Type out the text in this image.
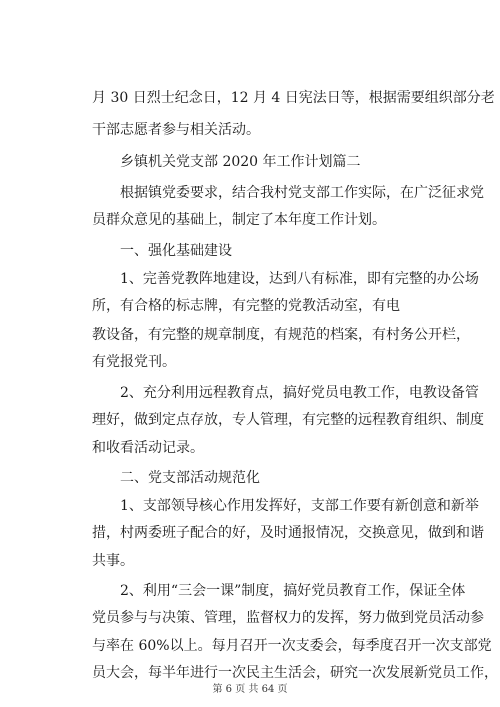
月 30 日烈士纪念日，12 月 4 日宪法日等，根据需要组织部分老
干部志愿者参与相关活动。
乡镇机关党支部 2020 年工作计划篇二
根据镇党委要求，结合我村党支部工作实际，在广泛征求党
员群众意见的基础上，制定了本年度工作计划。
一、强化基础建设
1、完善党教阵地建设，达到八有标准，即有完整的办公场
所，有合格的标志牌，有完整的党教活动室，有电
教设备，有完整的规章制度，有规范的档案，有村务公开栏，
有党报党刊。
2、充分利用远程教育点，搞好党员电教工作，电教设备管
理好，做到定点存放，专人管理，有完整的远程教育组织、制度
和收看活动记录。
二、党支部活动规范化
1、支部领导核心作用发挥好，支部工作要有新创意和新举
措，村两委班子配合的好，及时通报情况，交换意见，做到和谐
共事。
2、利用“三会一课”制度，搞好党员教育工作，保证全体
党员参与与决策、管理，监督权力的发挥，努力做到党员活动参
与率在 60%以上。每月召开一次支委会，每季度召开一次支部党
员大会，每半年进行一次民主生活会，研究一次发展新党员工作，
第 6 页 共 64 页
